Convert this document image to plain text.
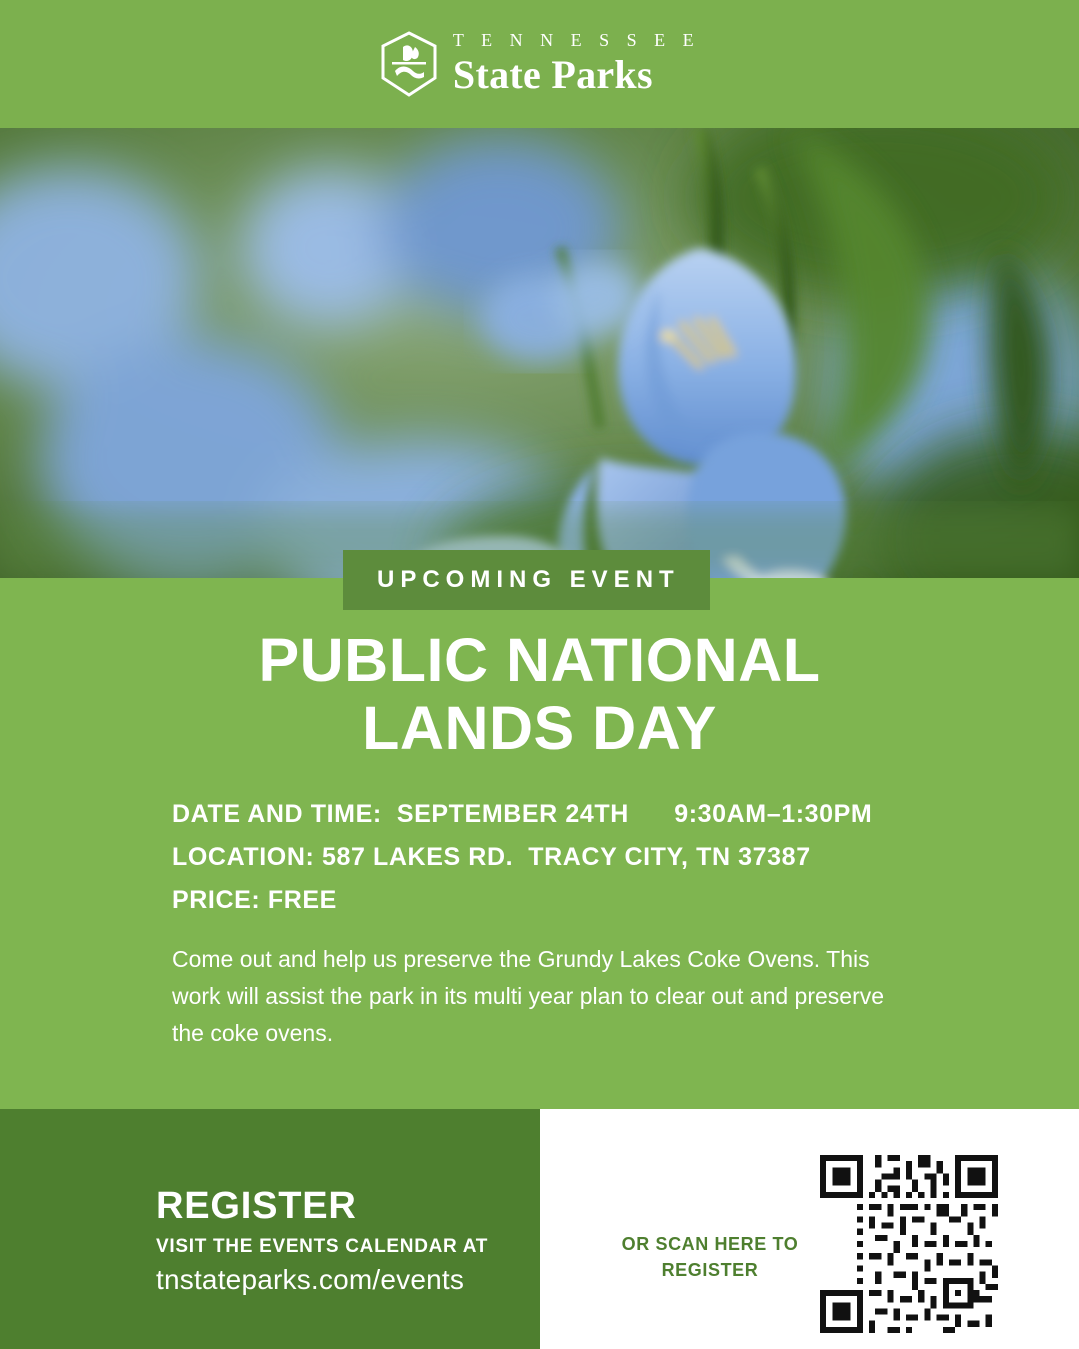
T E N N E S S E E
State Parks
UPCOMING EVENT
PUBLIC NATIONAL
LANDS DAY
DATE AND TIME:  SEPTEMBER 24TH      9:30AM–1:30PM
LOCATION: 587 LAKES RD.  TRACY CITY, TN 37387
PRICE: FREE
Come out and help us preserve the Grundy Lakes Coke Ovens. This work will assist the park in its multi year plan to clear out and preserve the coke ovens.
REGISTER
VISIT THE EVENTS CALENDAR AT
tnstateparks.com/events
OR SCAN HERE TO REGISTER
